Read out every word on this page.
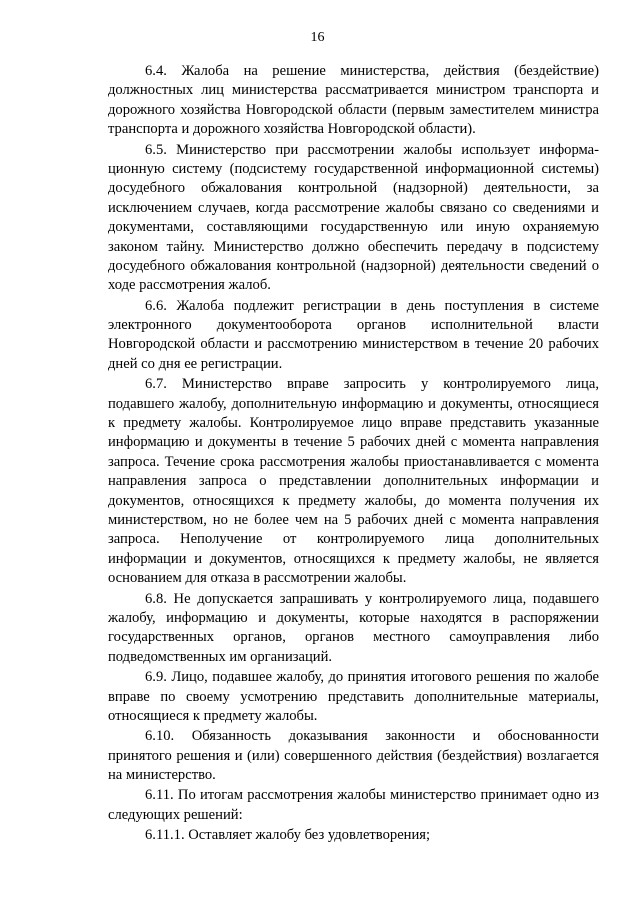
16
6.4. Жалоба на решение министерства, действия (бездействие)
должностных лиц министерства рассматривается министром транспорта и
дорожного хозяйства Новгородской области (первым заместителем министра
транспорта и дорожного хозяйства Новгородской области).
6.5. Министерство при рассмотрении жалобы использует информа-
ционную систему (подсистему государственной информационной системы)
досудебного обжалования контрольной (надзорной) деятельности, за
исключением случаев, когда рассмотрение жалобы связано со сведениями и
документами, составляющими государственную или иную охраняемую
законом тайну. Министерство должно обеспечить передачу в подсистему
досудебного обжалования контрольной (надзорной) деятельности сведений о
ходе рассмотрения жалоб.
6.6. Жалоба подлежит регистрации в день поступления в системе
электронного документооборота органов исполнительной власти
Новгородской области и рассмотрению министерством в течение 20 рабочих
дней со дня ее регистрации.
6.7. Министерство вправе запросить у контролируемого лица,
подавшего жалобу, дополнительную информацию и документы, относящиеся
к предмету жалобы. Контролируемое лицо вправе представить указанные
информацию и документы в течение 5 рабочих дней с момента направления
запроса. Течение срока рассмотрения жалобы приостанавливается с момента
направления запроса о представлении дополнительных информации и
документов, относящихся к предмету жалобы, до момента получения их
министерством, но не более чем на 5 рабочих дней с момента направления
запроса. Неполучение от контролируемого лица дополнительных
информации и документов, относящихся к предмету жалобы, не является
основанием для отказа в рассмотрении жалобы.
6.8. Не допускается запрашивать у контролируемого лица, подавшего
жалобу, информацию и документы, которые находятся в распоряжении
государственных органов, органов местного самоуправления либо
подведомственных им организаций.
6.9. Лицо, подавшее жалобу, до принятия итогового решения по жалобе
вправе по своему усмотрению представить дополнительные материалы,
относящиеся к предмету жалобы.
6.10. Обязанность доказывания законности и обоснованности
принятого решения и (или) совершенного действия (бездействия) возлагается
на министерство.
6.11. По итогам рассмотрения жалобы министерство принимает одно из
следующих решений:
6.11.1. Оставляет жалобу без удовлетворения;
